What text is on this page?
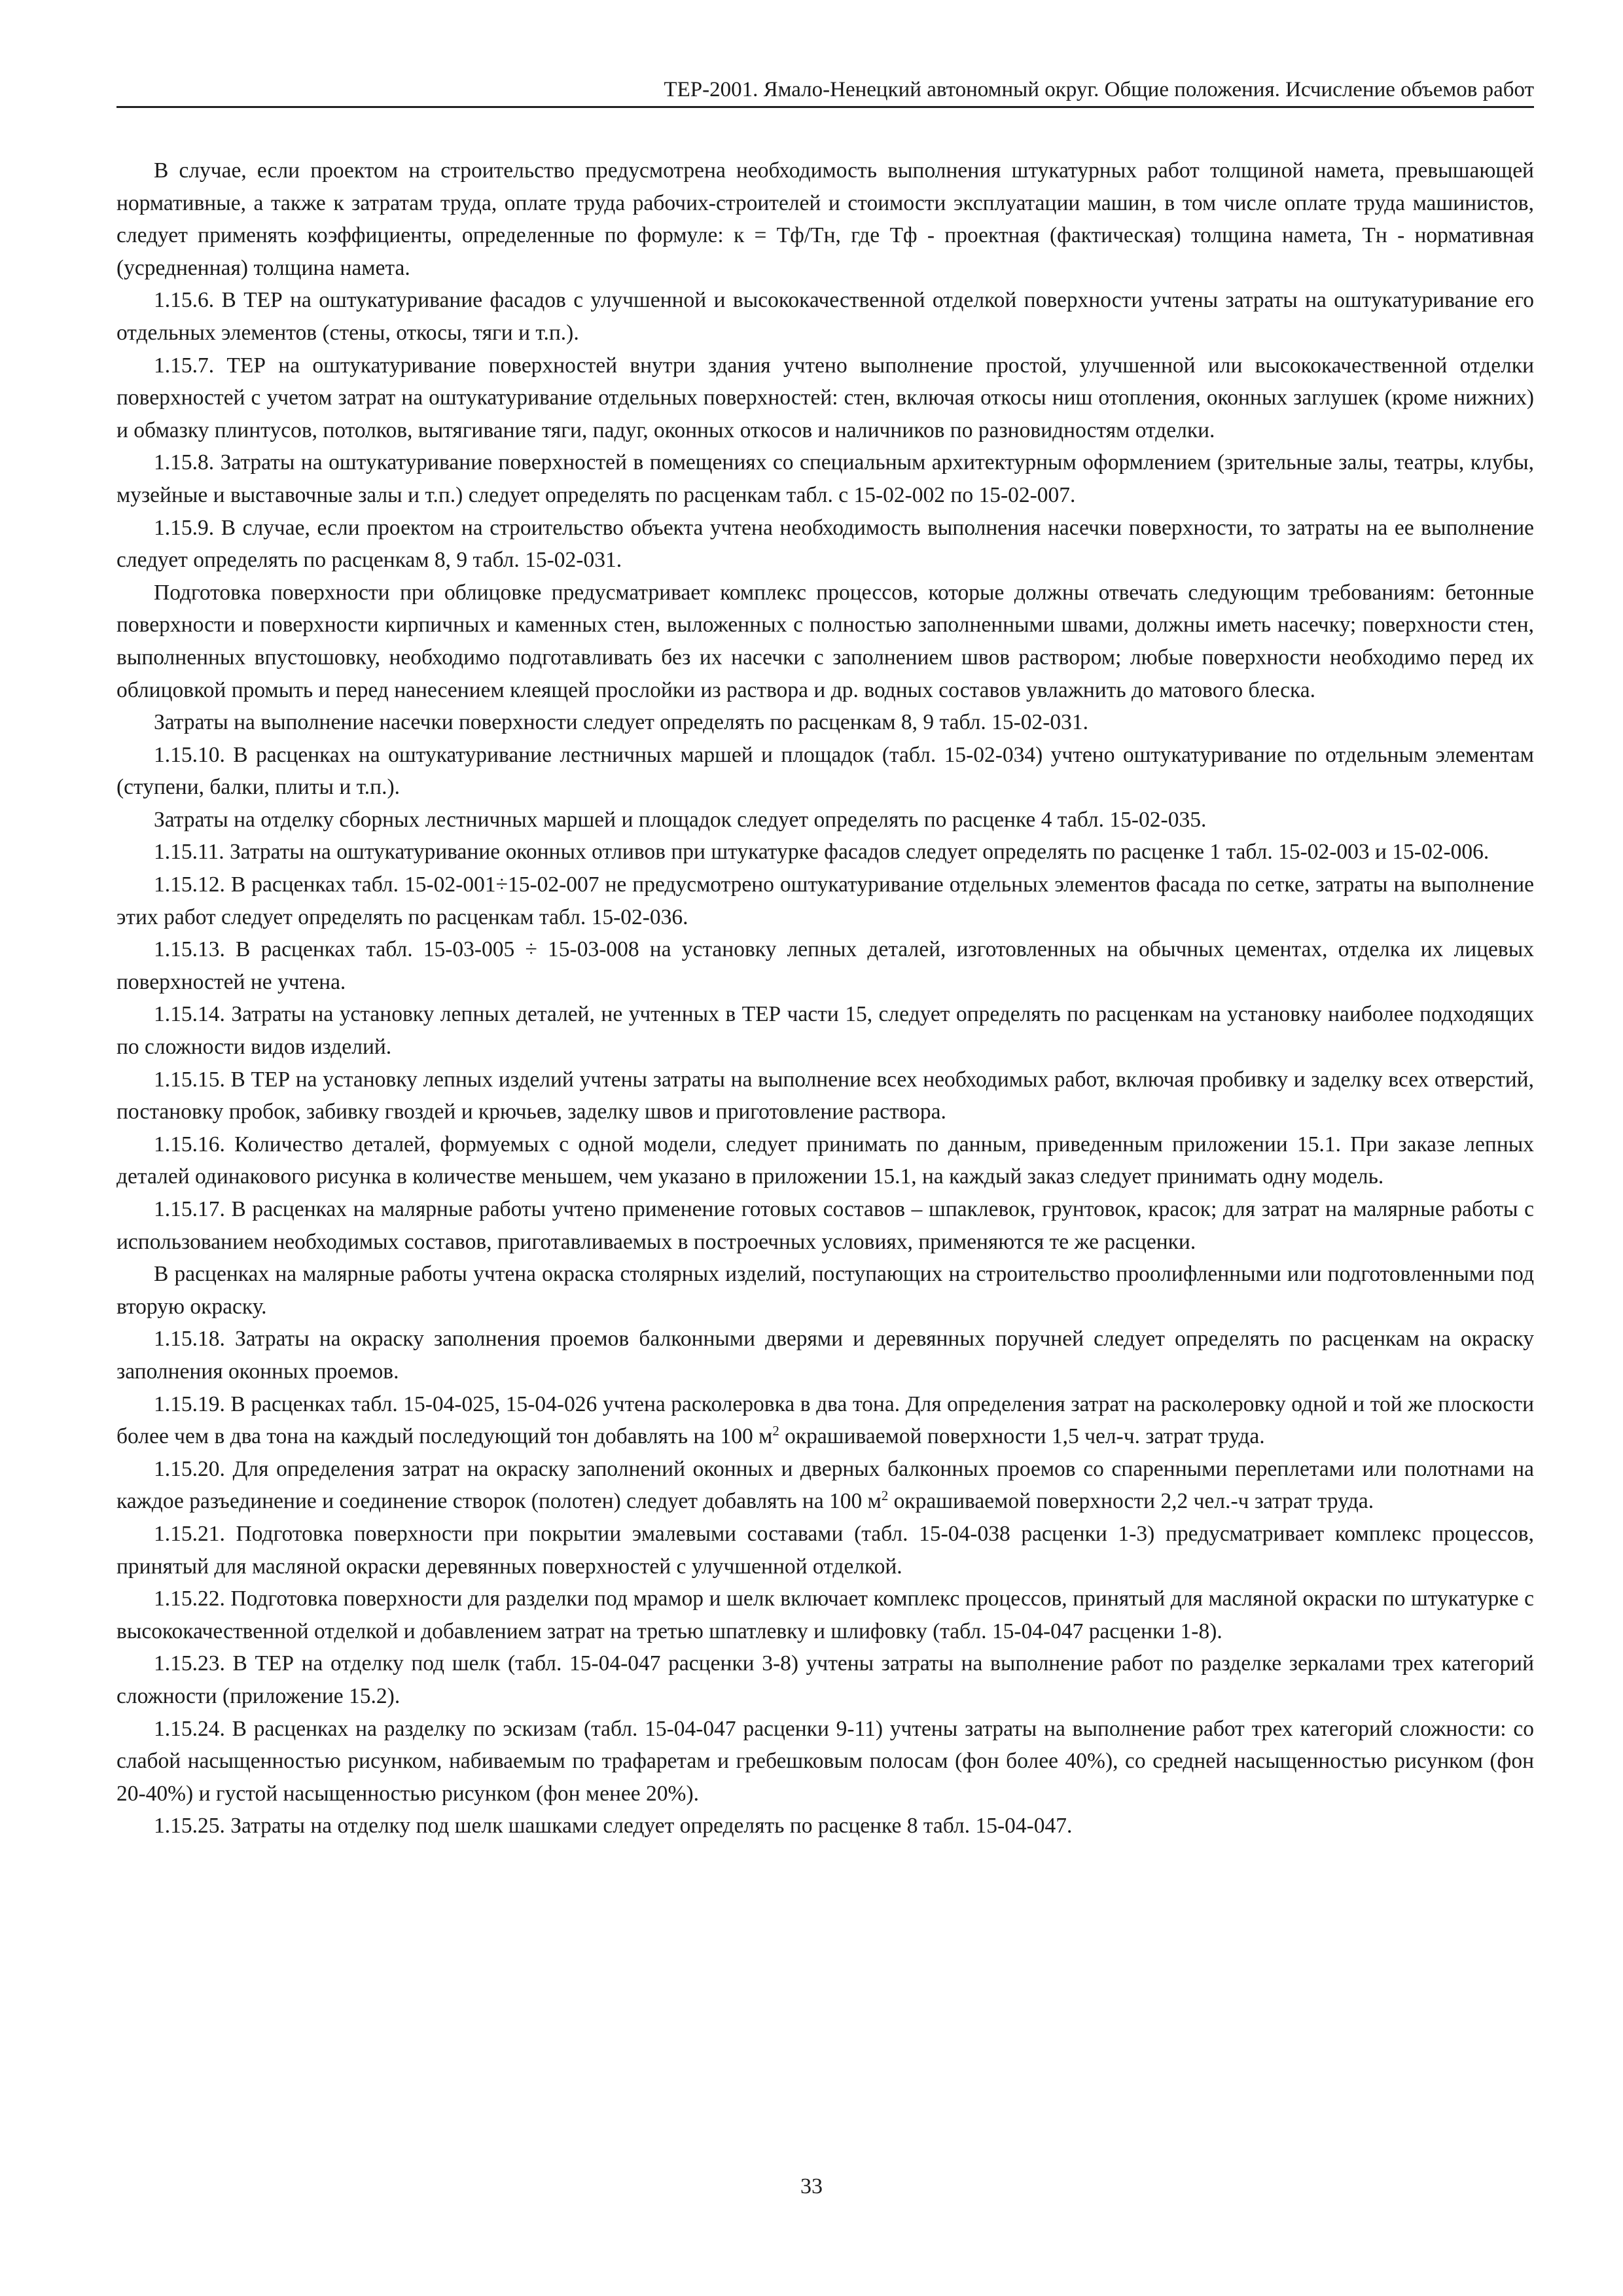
ТЕР-2001. Ямало-Ненецкий автономный округ. Общие положения. Исчисление объемов работ

В случае, если проектом на строительство предусмотрена необходимость выполнения штукатурных работ толщиной намета, превышающей нормативные, а также к затратам труда, оплате труда рабочих-строителей и стоимости эксплуатации машин, в том числе оплате труда машинистов, следует применять коэффициенты, определенные по формуле: к = Тф/Тн, где Тф - проектная (фактическая) толщина намета, Тн - нормативная (усредненная) толщина намета.

1.15.6. В ТЕР на оштукатуривание фасадов с улучшенной и высококачественной отделкой поверхности учтены затраты на оштукатуривание его отдельных элементов (стены, откосы, тяги и т.п.).

1.15.7. ТЕР на оштукатуривание поверхностей внутри здания учтено выполнение простой, улучшенной или высококачественной отделки поверхностей с учетом затрат на оштукатуривание отдельных поверхностей: стен, включая откосы ниш отопления, оконных заглушек (кроме нижних) и обмазку плинтусов, потолков, вытягивание тяги, падуг, оконных откосов и наличников по разновидностям отделки.

1.15.8. Затраты на оштукатуривание поверхностей в помещениях со специальным архитектурным оформлением (зрительные залы, театры, клубы, музейные и выставочные залы и т.п.) следует определять по расценкам табл. с 15-02-002 по 15-02-007.

1.15.9. В случае, если проектом на строительство объекта учтена необходимость выполнения насечки поверхности, то затраты на ее выполнение следует определять по расценкам 8, 9 табл. 15-02-031.

Подготовка поверхности при облицовке предусматривает комплекс процессов, которые должны отвечать следующим требованиям: бетонные поверхности и поверхности кирпичных и каменных стен, выложенных с полностью заполненными швами, должны иметь насечку; поверхности стен, выполненных впустошовку, необходимо подготавливать без их насечки с заполнением швов раствором; любые поверхности необходимо перед их облицовкой промыть и перед нанесением клеящей прослойки из раствора и др. водных составов увлажнить до матового блеска.

Затраты на выполнение насечки поверхности следует определять по расценкам 8, 9 табл. 15-02-031.

1.15.10. В расценках на оштукатуривание лестничных маршей и площадок (табл. 15-02-034) учтено оштукатуривание по отдельным элементам (ступени, балки, плиты и т.п.).

Затраты на отделку сборных лестничных маршей и площадок следует определять по расценке 4 табл. 15-02-035.

1.15.11. Затраты на оштукатуривание оконных отливов при штукатурке фасадов следует определять по расценке 1 табл. 15-02-003 и 15-02-006.

1.15.12. В расценках табл. 15-02-001÷15-02-007 не предусмотрено оштукатуривание отдельных элементов фасада по сетке, затраты на выполнение этих работ следует определять по расценкам табл. 15-02-036.

1.15.13. В расценках табл. 15-03-005 ÷ 15-03-008 на установку лепных деталей, изготовленных на обычных цементах, отделка их лицевых поверхностей не учтена.

1.15.14. Затраты на установку лепных деталей, не учтенных в ТЕР части 15, следует определять по расценкам на установку наиболее подходящих по сложности видов изделий.

1.15.15. В ТЕР на установку лепных изделий учтены затраты на выполнение всех необходимых работ, включая пробивку и заделку всех отверстий, постановку пробок, забивку гвоздей и крючьев, заделку швов и приготовление раствора.

1.15.16. Количество деталей, формуемых с одной модели, следует принимать по данным, приведенным приложении 15.1. При заказе лепных деталей одинакового рисунка в количестве меньшем, чем указано в приложении 15.1, на каждый заказ следует принимать одну модель.

1.15.17. В расценках на малярные работы учтено применение готовых составов – шпаклевок, грунтовок, красок; для затрат на малярные работы с использованием необходимых составов, приготавливаемых в построечных условиях, применяются те же расценки.

В расценках на малярные работы учтена окраска столярных изделий, поступающих на строительство проолифленными или подготовленными под вторую окраску.

1.15.18. Затраты на окраску заполнения проемов балконными дверями и деревянных поручней следует определять по расценкам на окраску заполнения оконных проемов.

1.15.19. В расценках табл. 15-04-025, 15-04-026 учтена расколеровка в два тона. Для определения затрат на расколеровку одной и той же плоскости более чем в два тона на каждый последующий тон добавлять на 100 $м^2$ окрашиваемой поверхности 1,5 чел-ч. затрат труда.

1.15.20. Для определения затрат на окраску заполнений оконных и дверных балконных проемов со спаренными переплетами или полотнами на каждое разъединение и соединение створок (полотен) следует добавлять на 100 $м^2$ окрашиваемой поверхности 2,2 чел.-ч затрат труда.

1.15.21. Подготовка поверхности при покрытии эмалевыми составами (табл. 15-04-038 расценки 1-3) предусматривает комплекс процессов, принятый для масляной окраски деревянных поверхностей с улучшенной отделкой.

1.15.22. Подготовка поверхности для разделки под мрамор и шелк включает комплекс процессов, принятый для масляной окраски по штукатурке с высококачественной отделкой и добавлением затрат на третью шпатлевку и шлифовку (табл. 15-04-047 расценки 1-8).

1.15.23. В ТЕР на отделку под шелк (табл. 15-04-047 расценки 3-8) учтены затраты на выполнение работ по разделке зеркалами трех категорий сложности (приложение 15.2).

1.15.24. В расценках на разделку по эскизам (табл. 15-04-047 расценки 9-11) учтены затраты на выполнение работ трех категорий сложности: со слабой насыщенностью рисунком, набиваемым по трафаретам и гребешковым полосам (фон более 40%), со средней насыщенностью рисунком (фон 20-40%) и густой насыщенностью рисунком (фон менее 20%).

1.15.25. Затраты на отделку под шелк шашками следует определять по расценке 8 табл. 15-04-047.

33
